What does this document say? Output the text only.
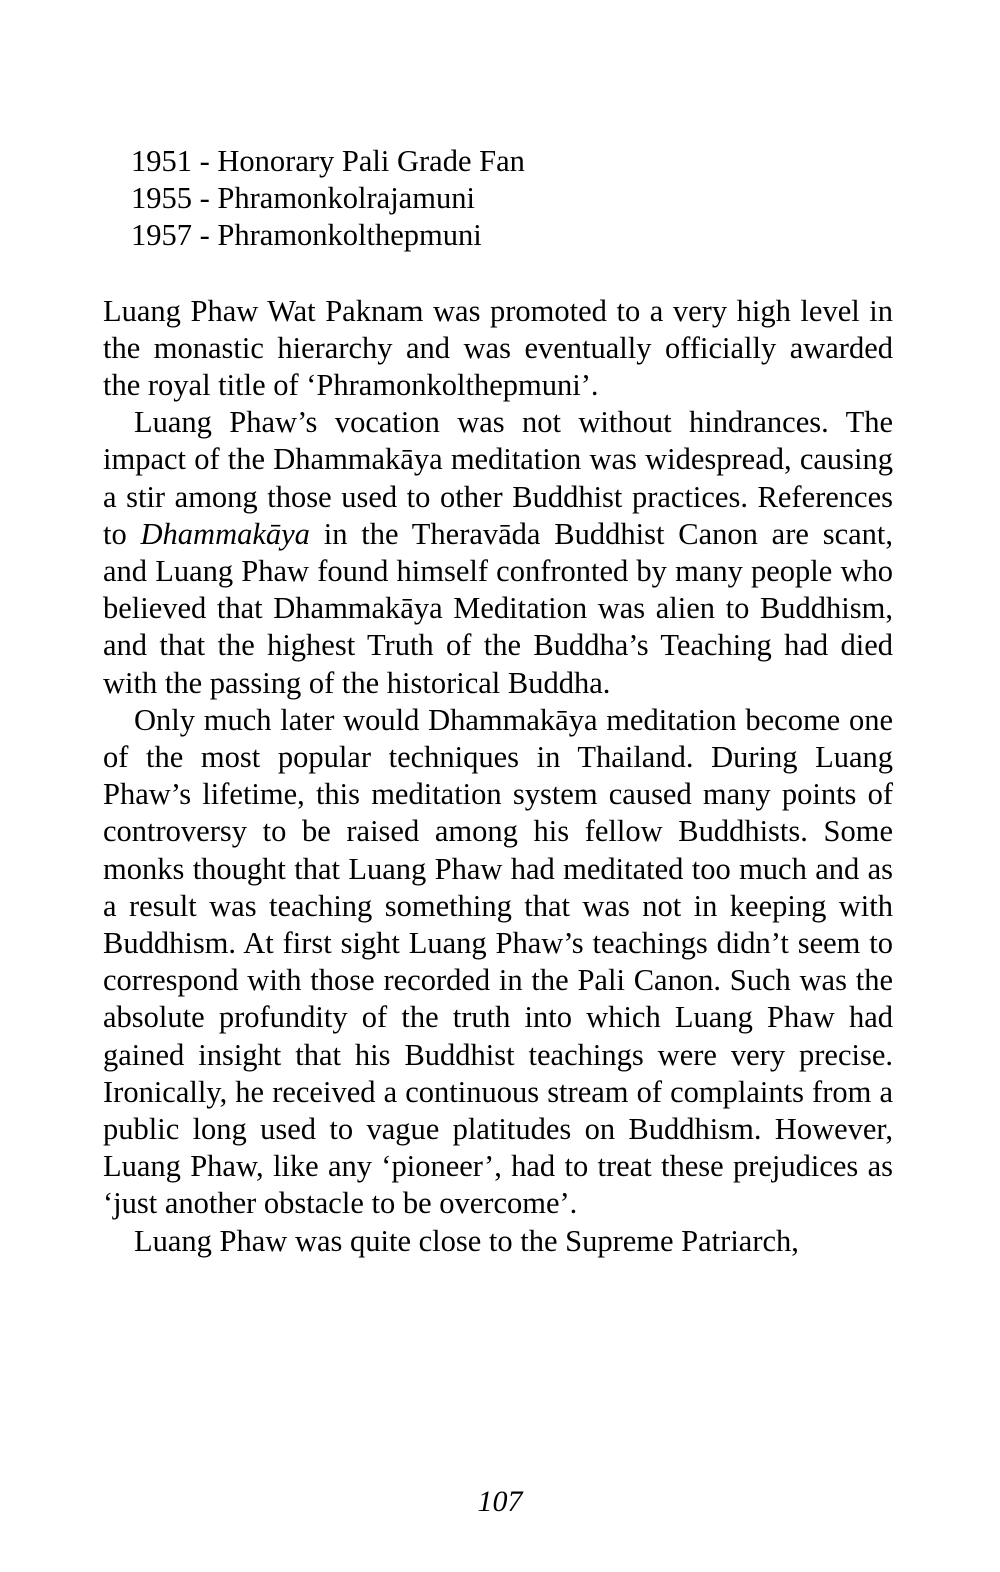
1951 - Honorary Pali Grade Fan
1955 - Phramonkolrajamuni
1957 - Phramonkolthepmuni

Luang Phaw Wat Paknam was promoted to a very high level in the monastic hierarchy and was eventually officially awarded the royal title of ‘Phramonkolthepmuni’.

Luang Phaw’s vocation was not without hindrances. The impact of the Dhammakāya meditation was widespread, causing a stir among those used to other Buddhist practices. References to Dhammakāya in the Theravāda Buddhist Canon are scant, and Luang Phaw found himself confronted by many people who believed that Dhammakāya Meditation was alien to Buddhism, and that the highest Truth of the Buddha’s Teaching had died with the passing of the historical Buddha.

Only much later would Dhammakāya meditation become one of the most popular techniques in Thailand. During Luang Phaw’s lifetime, this meditation system caused many points of controversy to be raised among his fellow Buddhists. Some monks thought that Luang Phaw had meditated too much and as a result was teaching something that was not in keeping with Buddhism. At first sight Luang Phaw’s teachings didn’t seem to correspond with those recorded in the Pali Canon. Such was the absolute profundity of the truth into which Luang Phaw had gained insight that his Buddhist teachings were very precise. Ironically, he received a continuous stream of complaints from a public long used to vague platitudes on Buddhism. However, Luang Phaw, like any ‘pioneer’, had to treat these prejudices as ‘just another obstacle to be overcome’.

Luang Phaw was quite close to the Supreme Patriarch,

107
